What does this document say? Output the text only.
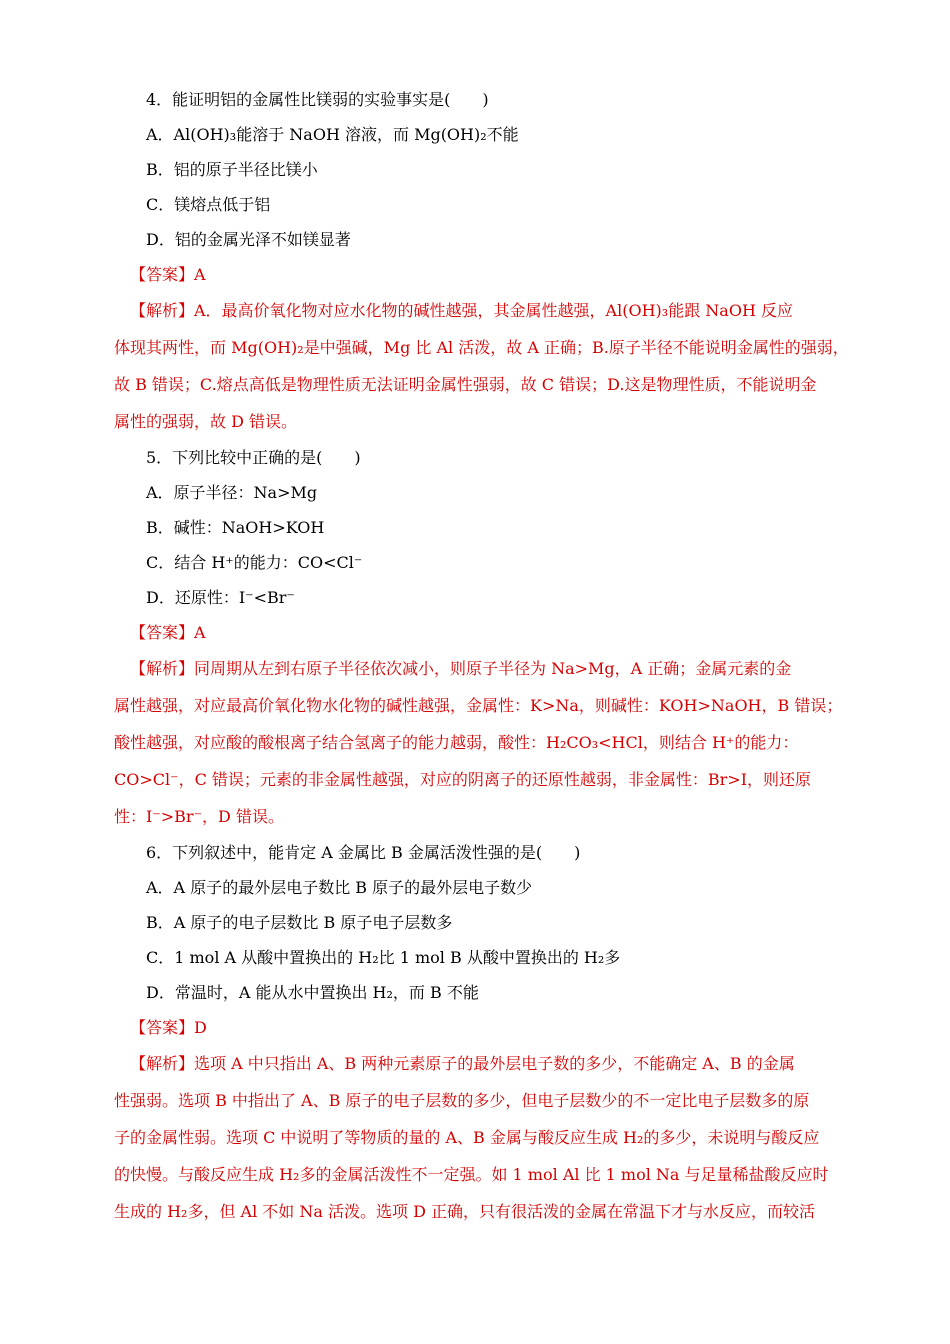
4．能证明铝的金属性比镁弱的实验事实是(　　)
A．Al(OH)₃能溶于 NaOH 溶液，而 Mg(OH)₂不能
B．铝的原子半径比镁小
C．镁熔点低于铝
D．铝的金属光泽不如镁显著
【答案】A
【解析】A．最高价氧化物对应水化物的碱性越强，其金属性越强，Al(OH)₃能跟 NaOH 反应
体现其两性，而 Mg(OH)₂是中强碱，Mg 比 Al 活泼，故 A 正确；B.原子半径不能说明金属性的强弱，
故 B 错误；C.熔点高低是物理性质无法证明金属性强弱，故 C 错误；D.这是物理性质，不能说明金
属性的强弱，故 D 错误。
5．下列比较中正确的是(　　)
A．原子半径：Na>Mg
B．碱性：NaOH>KOH
C．结合 H⁺的能力：CO<Cl⁻
D．还原性：I⁻<Br⁻
【答案】A
【解析】同周期从左到右原子半径依次减小，则原子半径为 Na>Mg，A 正确；金属元素的金
属性越强，对应最高价氧化物水化物的碱性越强，金属性：K>Na，则碱性：KOH>NaOH，B 错误；
酸性越强，对应酸的酸根离子结合氢离子的能力越弱，酸性：H₂CO₃<HCl，则结合 H⁺的能力：
CO>Cl⁻，C 错误；元素的非金属性越强，对应的阴离子的还原性越弱，非金属性：Br>I，则还原
性：I⁻>Br⁻，D 错误。
6．下列叙述中，能肯定 A 金属比 B 金属活泼性强的是(　　)
A．A 原子的最外层电子数比 B 原子的最外层电子数少
B．A 原子的电子层数比 B 原子电子层数多
C．1 mol A 从酸中置换出的 H₂比 1 mol B 从酸中置换出的 H₂多
D．常温时，A 能从水中置换出 H₂，而 B 不能
【答案】D
【解析】选项 A 中只指出 A、B 两种元素原子的最外层电子数的多少，不能确定 A、B 的金属
性强弱。选项 B 中指出了 A、B 原子的电子层数的多少，但电子层数少的不一定比电子层数多的原
子的金属性弱。选项 C 中说明了等物质的量的 A、B 金属与酸反应生成 H₂的多少，未说明与酸反应
的快慢。与酸反应生成 H₂多的金属活泼性不一定强。如 1 mol Al 比 1 mol Na 与足量稀盐酸反应时
生成的 H₂多，但 Al 不如 Na 活泼。选项 D 正确，只有很活泼的金属在常温下才与水反应，而较活
